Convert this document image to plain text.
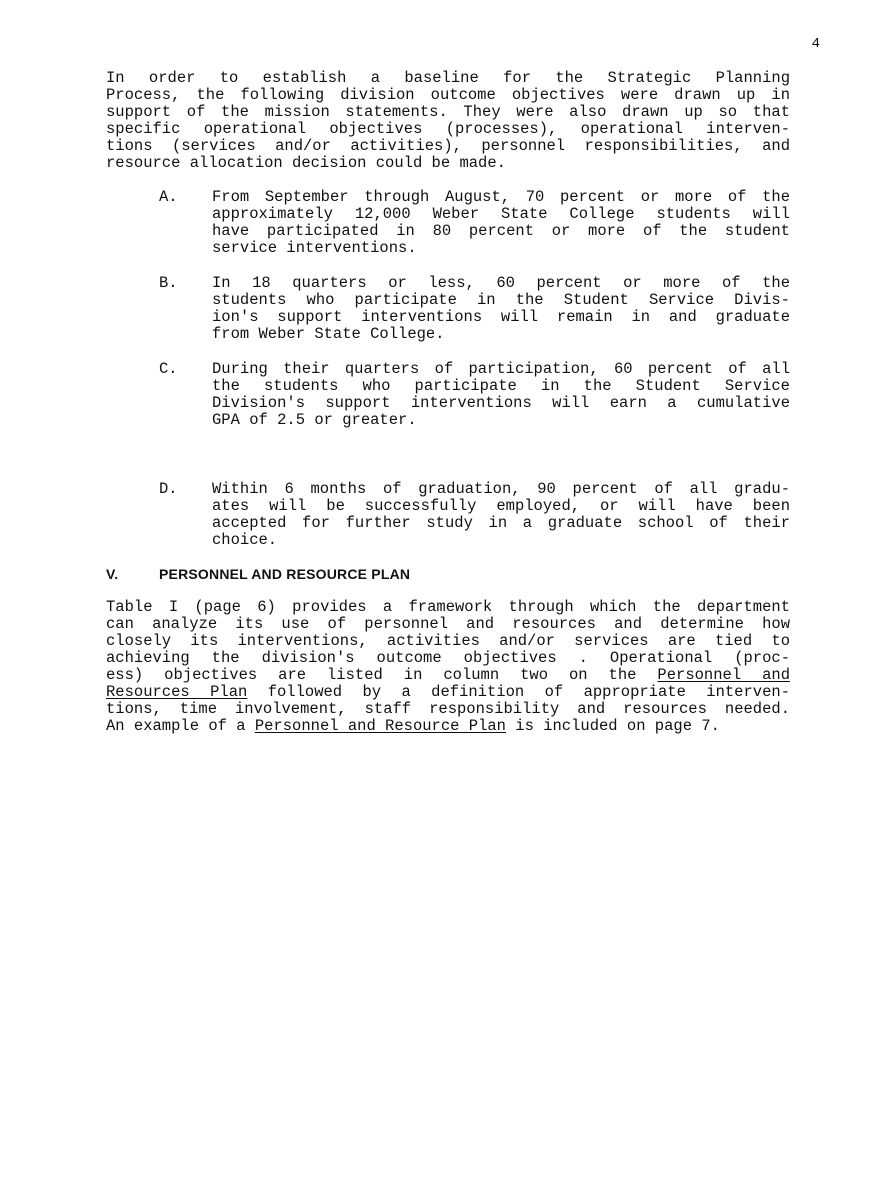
4
In order to establish a baseline for the Strategic Planning
Process, the following division outcome objectives were drawn up in
support of the mission statements. They were also drawn up so that
specific operational objectives (processes), operational interven-
tions (services and/or activities), personnel responsibilities, and
resource allocation decision could be made.
A.	From September through August, 70 percent or more of the
approximately 12,000 Weber State College students will
have participated in 80 percent or more of the student
service interventions.
B.	In 18 quarters or less, 60 percent or more of the
students who participate in the Student Service Divis-
ion's support interventions will remain in and graduate
from Weber State College.
C.	During their quarters of participation, 60 percent of all
the students who participate in the Student Service
Division's support interventions will earn a cumulative
GPA of 2.5 or greater.
D.	Within 6 months of graduation, 90 percent of all gradu-
ates will be successfully employed, or will have been
accepted for further study in a graduate school of their
choice.
V.	PERSONNEL AND RESOURCE PLAN
Table I (page 6) provides a framework through which the department
can analyze its use of personnel and resources and determine how
closely its interventions, activities and/or services are tied to
achieving the division's outcome objectives . Operational (proc-
ess) objectives are listed in column two on the Personnel and
Resources Plan followed by a definition of appropriate interven-
tions, time involvement, staff responsibility and resources needed.
An example of a Personnel and Resource Plan is included on page 7.
